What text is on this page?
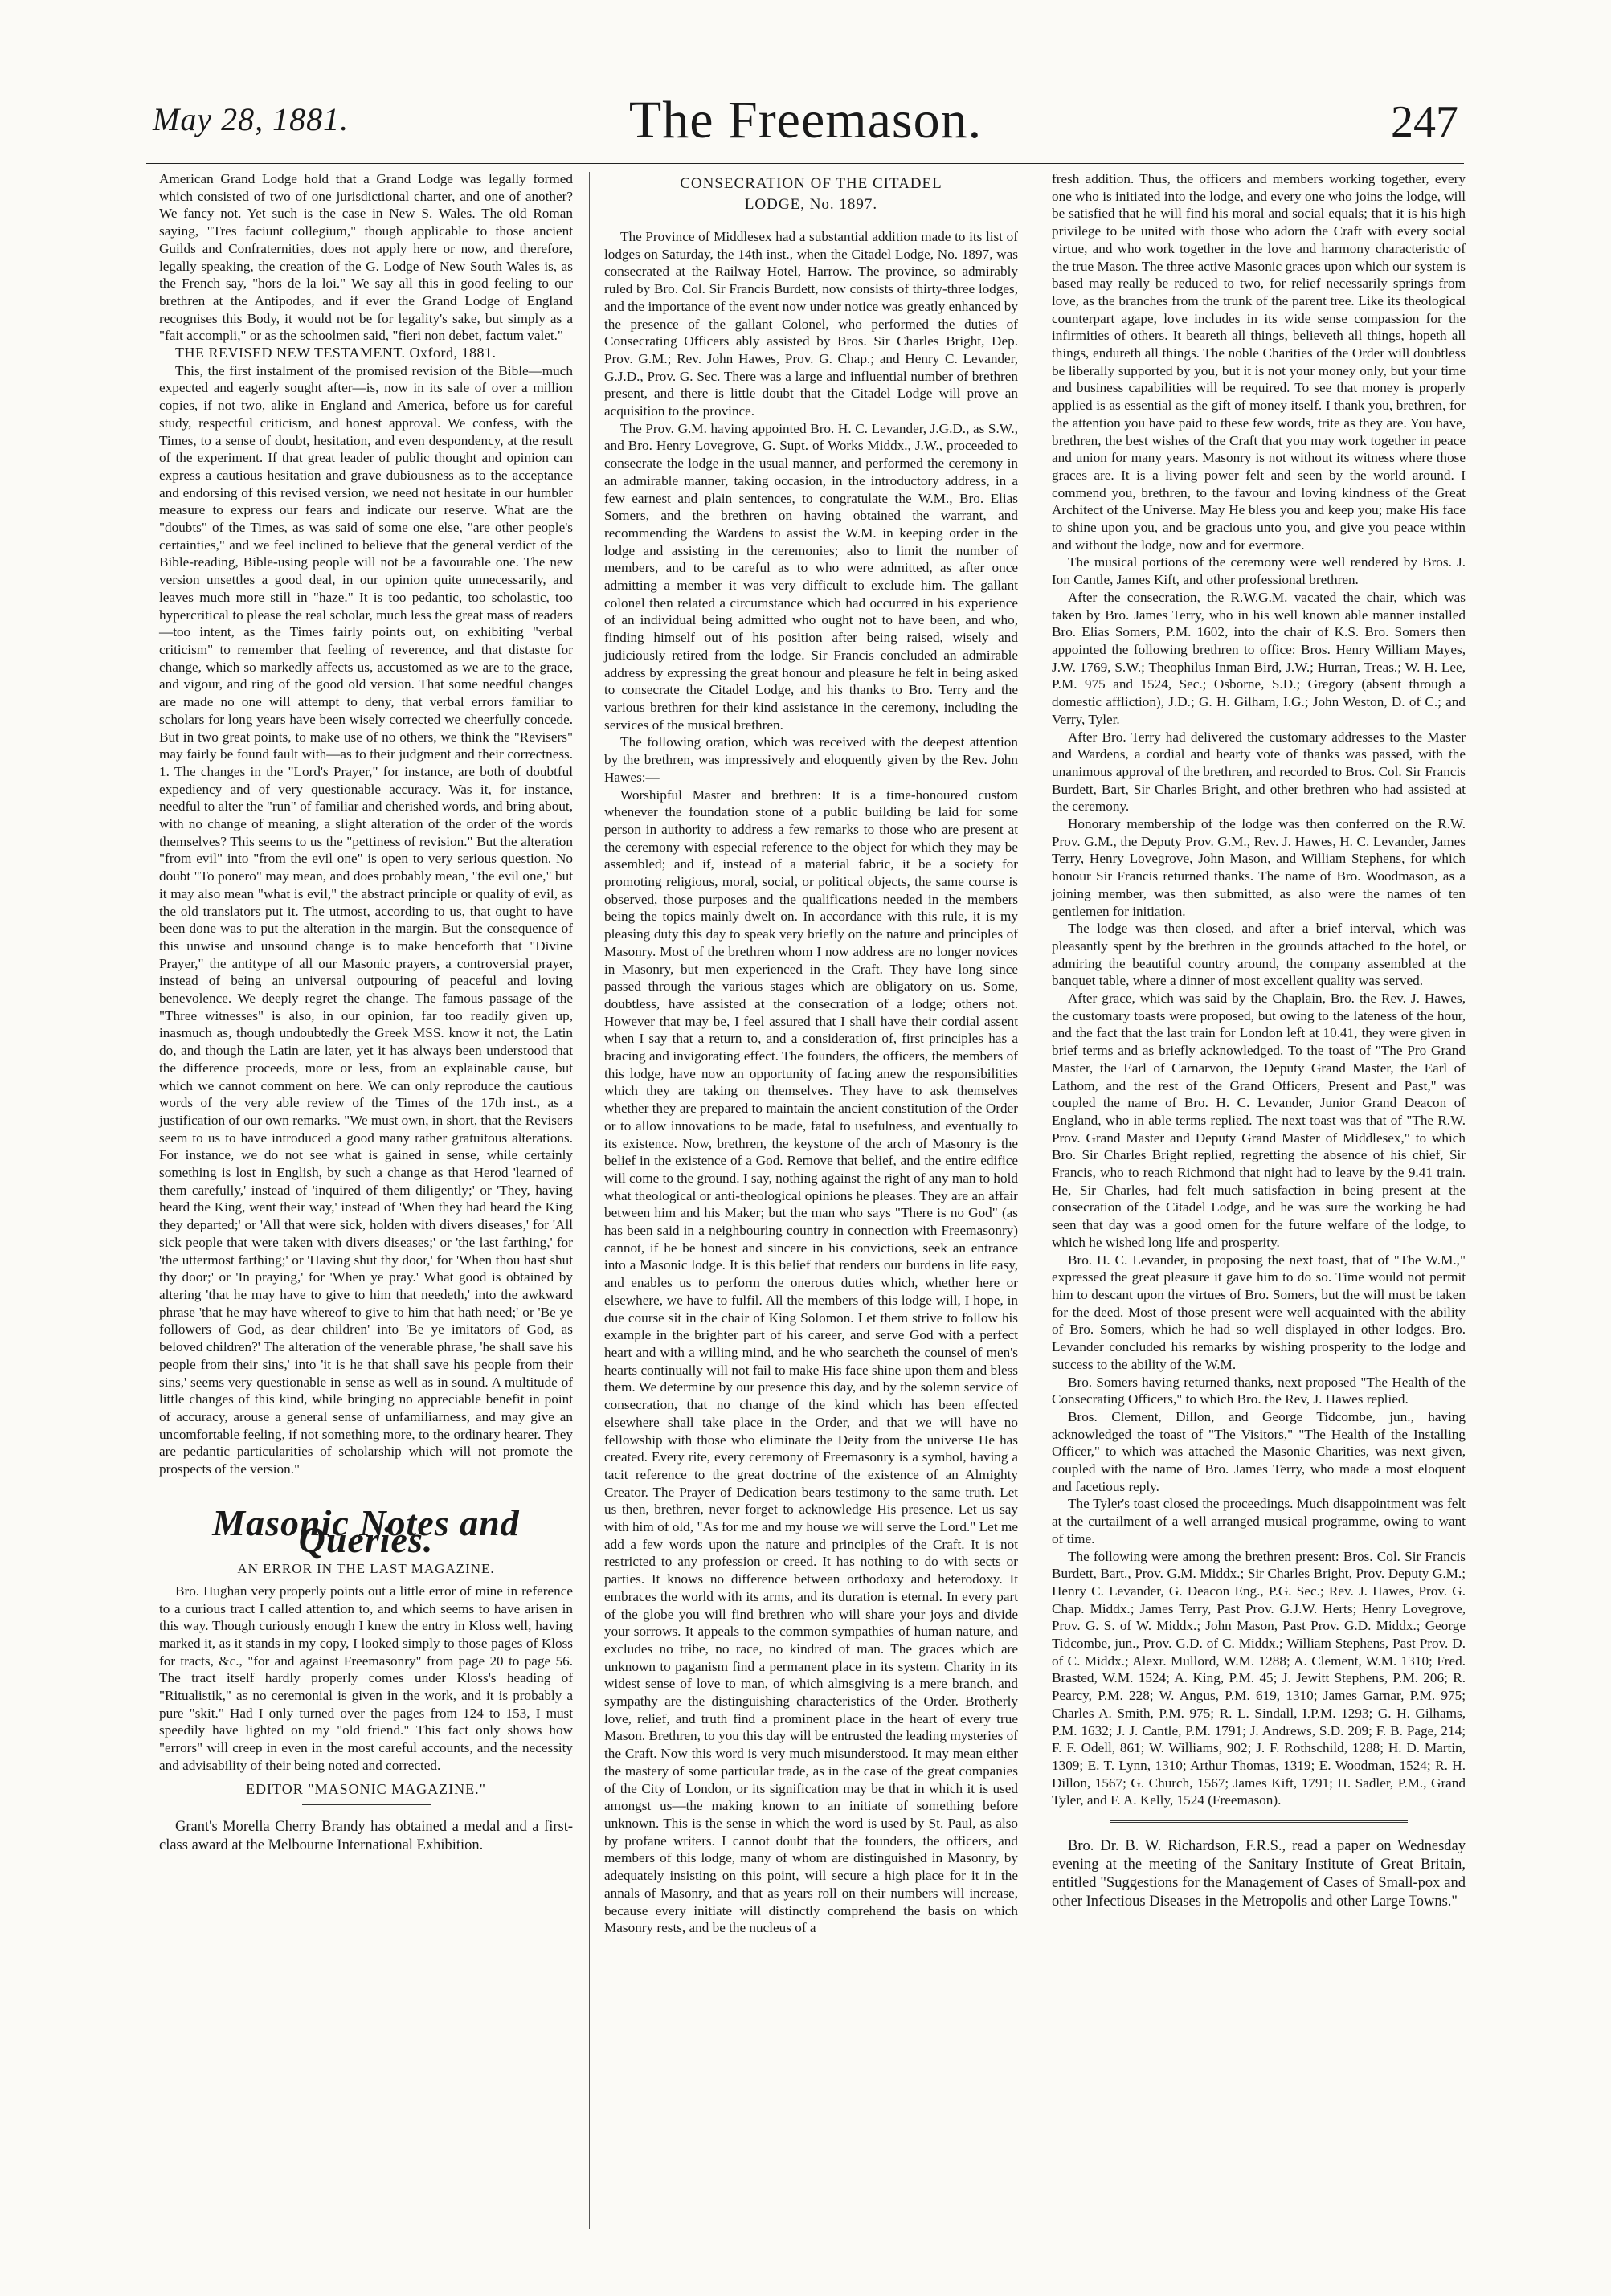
May 28, 1881.	The Freemason.	247

American Grand Lodge hold that a Grand Lodge was legally formed which consisted of two of one jurisdictional charter, and one of another? We fancy not. Yet such is the case in New S. Wales. The old Roman saying, "Tres faciunt collegium," though applicable to those ancient Guilds and Confraternities, does not apply here or now, and therefore, legally speaking, the creation of the G. Lodge of New South Wales is, as the French say, "hors de la loi." We say all this in good feeling to our brethren at the Antipodes, and if ever the Grand Lodge of England recognises this Body, it would not be for legality's sake, but simply as a "fait accompli," or as the schoolmen said, "fieri non debet, factum valet."

THE REVISED NEW TESTAMENT. Oxford, 1881.

This, the first instalment of the promised revision of the Bible—much expected and eagerly sought after—is, now in its sale of over a million copies, if not two, alike in England and America, before us for careful study, respectful criticism, and honest approval. We confess, with the Times, to a sense of doubt, hesitation, and even despondency, at the result of the experiment. If that great leader of public thought and opinion can express a cautious hesitation and grave dubiousness as to the acceptance and endorsing of this revised version, we need not hesitate in our humbler measure to express our fears and indicate our reserve. What are the "doubts" of the Times, as was said of some one else, "are other people's certainties," and we feel inclined to believe that the general verdict of the Bible-reading, Bible-using people will not be a favourable one. The new version unsettles a good deal, in our opinion quite unnecessarily, and leaves much more still in "haze." It is too pedantic, too scholastic, too hypercritical to please the real scholar, much less the great mass of readers—too intent, as the Times fairly points out, on exhibiting "verbal criticism" to remember that feeling of reverence, and that distaste for change, which so markedly affects us, accustomed as we are to the grace, and vigour, and ring of the good old version. That some needful changes are made no one will attempt to deny, that verbal errors familiar to scholars for long years have been wisely corrected we cheerfully concede. But in two great points, to make use of no others, we think the "Revisers" may fairly be found fault with—as to their judgment and their correctness. 1. The changes in the "Lord's Prayer," for instance, are both of doubtful expediency and of very questionable accuracy. Was it, for instance, needful to alter the "run" of familiar and cherished words, and bring about, with no change of meaning, a slight alteration of the order of the words themselves? This seems to us the "pettiness of revision." But the alteration "from evil" into "from the evil one" is open to very serious question. No doubt "To ponero" may mean, and does probably mean, "the evil one," but it may also mean "what is evil," the abstract principle or quality of evil, as the old translators put it. The utmost, according to us, that ought to have been done was to put the alteration in the margin. But the consequence of this unwise and unsound change is to make henceforth that "Divine Prayer," the antitype of all our Masonic prayers, a controversial prayer, instead of being an universal outpouring of peaceful and loving benevolence. We deeply regret the change. The famous passage of the "Three witnesses" is also, in our opinion, far too readily given up, inasmuch as, though undoubtedly the Greek MSS. know it not, the Latin do, and though the Latin are later, yet it has always been understood that the difference proceeds, more or less, from an explainable cause, but which we cannot comment on here. We can only reproduce the cautious words of the very able review of the Times of the 17th inst., as a justification of our own remarks. "We must own, in short, that the Revisers seem to us to have introduced a good many rather gratuitous alterations. For instance, we do not see what is gained in sense, while certainly something is lost in English, by such a change as that Herod 'learned of them carefully,' instead of 'inquired of them diligently;' or 'They, having heard the King, went their way,' instead of 'When they had heard the King they departed;' or 'All that were sick, holden with divers diseases,' for 'All sick people that were taken with divers diseases;' or 'the last farthing,' for 'the uttermost farthing;' or 'Having shut thy door,' for 'When thou hast shut thy door;' or 'In praying,' for 'When ye pray.' What good is obtained by altering 'that he may have to give to him that needeth,' into the awkward phrase 'that he may have whereof to give to him that hath need;' or 'Be ye followers of God, as dear children' into 'Be ye imitators of God, as beloved children?' The alteration of the venerable phrase, 'he shall save his people from their sins,' into 'it is he that shall save his people from their sins,' seems very questionable in sense as well as in sound. A multitude of little changes of this kind, while bringing no appreciable benefit in point of accuracy, arouse a general sense of unfamiliarness, and may give an uncomfortable feeling, if not something more, to the ordinary hearer. They are pedantic particularities of scholarship which will not promote the prospects of the version."

Masonic Notes and Queries.
AN ERROR IN THE LAST MAGAZINE.

Bro. Hughan very properly points out a little error of mine in reference to a curious tract I called attention to, and which seems to have arisen in this way. Though curiously enough I knew the entry in Kloss well, having marked it, as it stands in my copy, I looked simply to those pages of Kloss for tracts, &c., "for and against Freemasonry" from page 20 to page 56. The tract itself hardly properly comes under Kloss's heading of "Ritualistik," as no ceremonial is given in the work, and it is probably a pure "skit." Had I only turned over the pages from 124 to 153, I must speedily have lighted on my "old friend." This fact only shows how "errors" will creep in even in the most careful accounts, and the necessity and advisability of their being noted and corrected.

EDITOR "MASONIC MAGAZINE."

Grant's Morella Cherry Brandy has obtained a medal and a first-class award at the Melbourne International Exhibition.

CONSECRATION OF THE CITADEL
LODGE, No. 1897.

The Province of Middlesex had a substantial addition made to its list of lodges on Saturday, the 14th inst., when the Citadel Lodge, No. 1897, was consecrated at the Railway Hotel, Harrow. The province, so admirably ruled by Bro. Col. Sir Francis Burdett, now consists of thirty-three lodges, and the importance of the event now under notice was greatly enhanced by the presence of the gallant Colonel, who performed the duties of Consecrating Officers ably assisted by Bros. Sir Charles Bright, Dep. Prov. G.M.; Rev. John Hawes, Prov. G. Chap.; and Henry C. Levander, G.J.D., Prov. G. Sec. There was a large and influential number of brethren present, and there is little doubt that the Citadel Lodge will prove an acquisition to the province.

The Prov. G.M. having appointed Bro. H. C. Levander, J.G.D., as S.W., and Bro. Henry Lovegrove, G. Supt. of Works Middx., J.W., proceeded to consecrate the lodge in the usual manner, and performed the ceremony in an admirable manner, taking occasion, in the introductory address, in a few earnest and plain sentences, to congratulate the W.M., Bro. Elias Somers, and the brethren on having obtained the warrant, and recommending the Wardens to assist the W.M. in keeping order in the lodge and assisting in the ceremonies; also to limit the number of members, and to be careful as to who were admitted, as after once admitting a member it was very difficult to exclude him. The gallant colonel then related a circumstance which had occurred in his experience of an individual being admitted who ought not to have been, and who, finding himself out of his position after being raised, wisely and judiciously retired from the lodge. Sir Francis concluded an admirable address by expressing the great honour and pleasure he felt in being asked to consecrate the Citadel Lodge, and his thanks to Bro. Terry and the various brethren for their kind assistance in the ceremony, including the services of the musical brethren.

The following oration, which was received with the deepest attention by the brethren, was impressively and eloquently given by the Rev. John Hawes:—

Worshipful Master and brethren: It is a time-honoured custom whenever the foundation stone of a public building be laid for some person in authority to address a few remarks to those who are present at the ceremony with especial reference to the object for which they may be assembled; and if, instead of a material fabric, it be a society for promoting religious, moral, social, or political objects, the same course is observed, those purposes and the qualifications needed in the members being the topics mainly dwelt on. In accordance with this rule, it is my pleasing duty this day to speak very briefly on the nature and principles of Masonry. Most of the brethren whom I now address are no longer novices in Masonry, but men experienced in the Craft. They have long since passed through the various stages which are obligatory on us. Some, doubtless, have assisted at the consecration of a lodge; others not. However that may be, I feel assured that I shall have their cordial assent when I say that a return to, and a consideration of, first principles has a bracing and invigorating effect. The founders, the officers, the members of this lodge, have now an opportunity of facing anew the responsibilities which they are taking on themselves. They have to ask themselves whether they are prepared to maintain the ancient constitution of the Order or to allow innovations to be made, fatal to usefulness, and eventually to its existence. Now, brethren, the keystone of the arch of Masonry is the belief in the existence of a God. Remove that belief, and the entire edifice will come to the ground. I say, nothing against the right of any man to hold what theological or anti-theological opinions he pleases. They are an affair between him and his Maker; but the man who says "There is no God" (as has been said in a neighbouring country in connection with Freemasonry) cannot, if he be honest and sincere in his convictions, seek an entrance into a Masonic lodge. It is this belief that renders our burdens in life easy, and enables us to perform the onerous duties which, whether here or elsewhere, we have to fulfil. All the members of this lodge will, I hope, in due course sit in the chair of King Solomon. Let them strive to follow his example in the brighter part of his career, and serve God with a perfect heart and with a willing mind, and he who searcheth the counsel of men's hearts continually will not fail to make His face shine upon them and bless them. We determine by our presence this day, and by the solemn service of consecration, that no change of the kind which has been effected elsewhere shall take place in the Order, and that we will have no fellowship with those who eliminate the Deity from the universe He has created. Every rite, every ceremony of Freemasonry is a symbol, having a tacit reference to the great doctrine of the existence of an Almighty Creator. The Prayer of Dedication bears testimony to the same truth. Let us then, brethren, never forget to acknowledge His presence. Let us say with him of old, "As for me and my house we will serve the Lord." Let me add a few words upon the nature and principles of the Craft. It is not restricted to any profession or creed. It has nothing to do with sects or parties. It knows no difference between orthodoxy and heterodoxy. It embraces the world with its arms, and its duration is eternal. In every part of the globe you will find brethren who will share your joys and divide your sorrows. It appeals to the common sympathies of human nature, and excludes no tribe, no race, no kindred of man. The graces which are unknown to paganism find a permanent place in its system. Charity in its widest sense of love to man, of which almsgiving is a mere branch, and sympathy are the distinguishing characteristics of the Order. Brotherly love, relief, and truth find a prominent place in the heart of every true Mason. Brethren, to you this day will be entrusted the leading mysteries of the Craft. Now this word is very much misunderstood. It may mean either the mastery of some particular trade, as in the case of the great companies of the City of London, or its signification may be that in which it is used amongst us—the making known to an initiate of something before unknown. This is the sense in which the word is used by St. Paul, as also by profane writers. I cannot doubt that the founders, the officers, and members of this lodge, many of whom are distinguished in Masonry, by adequately insisting on this point, will secure a high place for it in the annals of Masonry, and that as years roll on their numbers will increase, because every initiate will distinctly comprehend the basis on which Masonry rests, and be the nucleus of a

fresh addition. Thus, the officers and members working together, every one who is initiated into the lodge, and every one who joins the lodge, will be satisfied that he will find his moral and social equals; that it is his high privilege to be united with those who adorn the Craft with every social virtue, and who work together in the love and harmony characteristic of the true Mason. The three active Masonic graces upon which our system is based may really be reduced to two, for relief necessarily springs from love, as the branches from the trunk of the parent tree. Like its theological counterpart agape, love includes in its wide sense compassion for the infirmities of others. It beareth all things, believeth all things, hopeth all things, endureth all things. The noble Charities of the Order will doubtless be liberally supported by you, but it is not your money only, but your time and business capabilities will be required. To see that money is properly applied is as essential as the gift of money itself. I thank you, brethren, for the attention you have paid to these few words, trite as they are. You have, brethren, the best wishes of the Craft that you may work together in peace and union for many years. Masonry is not without its witness where those graces are. It is a living power felt and seen by the world around. I commend you, brethren, to the favour and loving kindness of the Great Architect of the Universe. May He bless you and keep you; make His face to shine upon you, and be gracious unto you, and give you peace within and without the lodge, now and for evermore.

The musical portions of the ceremony were well rendered by Bros. J. Ion Cantle, James Kift, and other professional brethren.

After the consecration, the R.W.G.M. vacated the chair, which was taken by Bro. James Terry, who in his well known able manner installed Bro. Elias Somers, P.M. 1602, into the chair of K.S. Bro. Somers then appointed the following brethren to office: Bros. Henry William Mayes, J.W. 1769, S.W.; Theophilus Inman Bird, J.W.; Hurran, Treas.; W. H. Lee, P.M. 975 and 1524, Sec.; Osborne, S.D.; Gregory (absent through a domestic affliction), J.D.; G. H. Gilham, I.G.; John Weston, D. of C.; and Verry, Tyler.

After Bro. Terry had delivered the customary addresses to the Master and Wardens, a cordial and hearty vote of thanks was passed, with the unanimous approval of the brethren, and recorded to Bros. Col. Sir Francis Burdett, Bart, Sir Charles Bright, and other brethren who had assisted at the ceremony.

Honorary membership of the lodge was then conferred on the R.W. Prov. G.M., the Deputy Prov. G.M., Rev. J. Hawes, H. C. Levander, James Terry, Henry Lovegrove, John Mason, and William Stephens, for which honour Sir Francis returned thanks. The name of Bro. Woodmason, as a joining member, was then submitted, as also were the names of ten gentlemen for initiation.

The lodge was then closed, and after a brief interval, which was pleasantly spent by the brethren in the grounds attached to the hotel, or admiring the beautiful country around, the company assembled at the banquet table, where a dinner of most excellent quality was served.

After grace, which was said by the Chaplain, Bro. the Rev. J. Hawes, the customary toasts were proposed, but owing to the lateness of the hour, and the fact that the last train for London left at 10.41, they were given in brief terms and as briefly acknowledged. To the toast of "The Pro Grand Master, the Earl of Carnarvon, the Deputy Grand Master, the Earl of Lathom, and the rest of the Grand Officers, Present and Past," was coupled the name of Bro. H. C. Levander, Junior Grand Deacon of England, who in able terms replied. The next toast was that of "The R.W. Prov. Grand Master and Deputy Grand Master of Middlesex," to which Bro. Sir Charles Bright replied, regretting the absence of his chief, Sir Francis, who to reach Richmond that night had to leave by the 9.41 train. He, Sir Charles, had felt much satisfaction in being present at the consecration of the Citadel Lodge, and he was sure the working he had seen that day was a good omen for the future welfare of the lodge, to which he wished long life and prosperity.

Bro. H. C. Levander, in proposing the next toast, that of "The W.M.," expressed the great pleasure it gave him to do so. Time would not permit him to descant upon the virtues of Bro. Somers, but the will must be taken for the deed. Most of those present were well acquainted with the ability of Bro. Somers, which he had so well displayed in other lodges. Bro. Levander concluded his remarks by wishing prosperity to the lodge and success to the ability of the W.M.

Bro. Somers having returned thanks, next proposed "The Health of the Consecrating Officers," to which Bro. the Rev, J. Hawes replied.

Bros. Clement, Dillon, and George Tidcombe, jun., having acknowledged the toast of "The Visitors," "The Health of the Installing Officer," to which was attached the Masonic Charities, was next given, coupled with the name of Bro. James Terry, who made a most eloquent and facetious reply.

The Tyler's toast closed the proceedings. Much disappointment was felt at the curtailment of a well arranged musical programme, owing to want of time.

The following were among the brethren present: Bros. Col. Sir Francis Burdett, Bart., Prov. G.M. Middx.; Sir Charles Bright, Prov. Deputy G.M.; Henry C. Levander, G. Deacon Eng., P.G. Sec.; Rev. J. Hawes, Prov. G. Chap. Middx.; James Terry, Past Prov. G.J.W. Herts; Henry Lovegrove, Prov. G. S. of W. Middx.; John Mason, Past Prov. G.D. Middx.; George Tidcombe, jun., Prov. G.D. of C. Middx.; William Stephens, Past Prov. D. of C. Middx.; Alexr. Mullord, W.M. 1288; A. Clement, W.M. 1310; Fred. Brasted, W.M. 1524; A. King, P.M. 45; J. Jewitt Stephens, P.M. 206; R. Pearcy, P.M. 228; W. Angus, P.M. 619, 1310; James Garnar, P.M. 975; Charles A. Smith, P.M. 975; R. L. Sindall, I.P.M. 1293; G. H. Gilhams, P.M. 1632; J. J. Cantle, P.M. 1791; J. Andrews, S.D. 209; F. B. Page, 214; F. F. Odell, 861; W. Williams, 902; J. F. Rothschild, 1288; H. D. Martin, 1309; E. T. Lynn, 1310; Arthur Thomas, 1319; E. Woodman, 1524; R. H. Dillon, 1567; G. Church, 1567; James Kift, 1791; H. Sadler, P.M., Grand Tyler, and F. A. Kelly, 1524 (Freemason).

Bro. Dr. B. W. Richardson, F.R.S., read a paper on Wednesday evening at the meeting of the Sanitary Institute of Great Britain, entitled "Suggestions for the Management of Cases of Small-pox and other Infectious Diseases in the Metropolis and other Large Towns."
